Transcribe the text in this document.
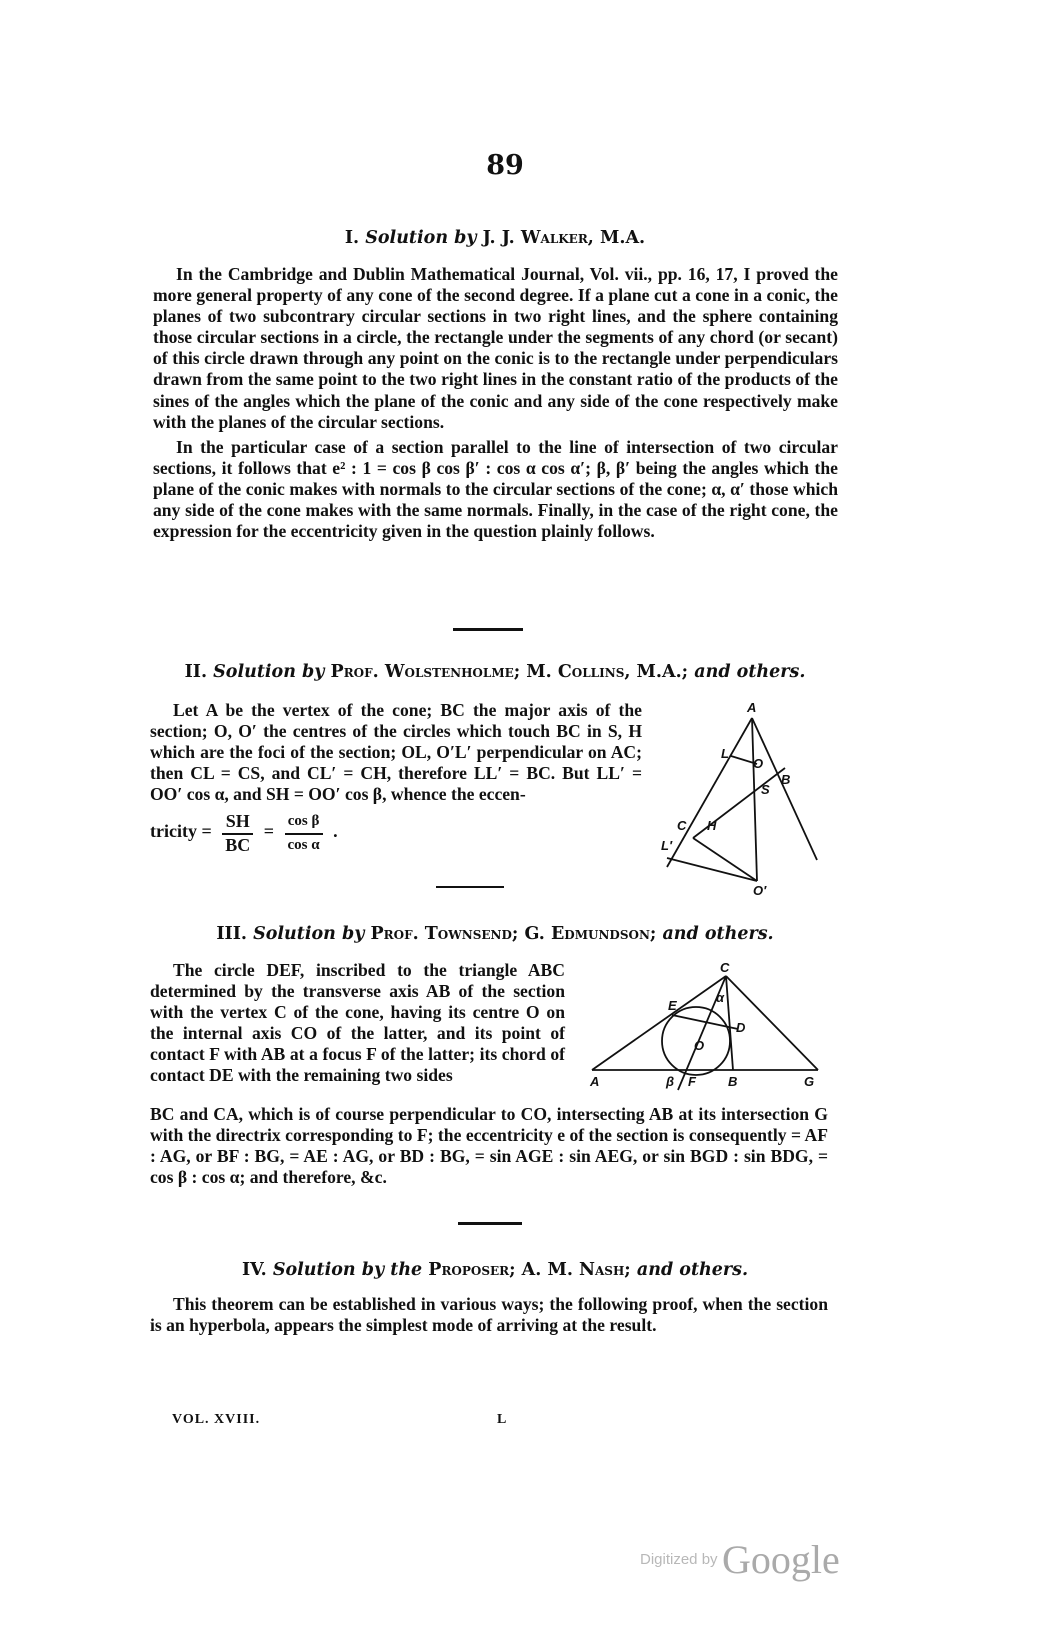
89
I. Solution by J. J. Walker, M.A.

In the Cambridge and Dublin Mathematical Journal, Vol. vii., pp. 16, 17, I proved the more general property of any cone of the second degree. If a plane cut a cone in a conic, the planes of two subcontrary circular sections in two right lines, and the sphere containing those circular sections in a circle, the rectangle under the segments of any chord (or secant) of this circle drawn through any point on the conic is to the rectangle under perpendiculars drawn from the same point to the two right lines in the constant ratio of the products of the sines of the angles which the plane of the conic and any side of the cone respectively make with the planes of the circular sections.

In the particular case of a section parallel to the line of intersection of two circular sections, it follows that e² : 1 = cos β cos β′ : cos α cos α′; β, β′ being the angles which the plane of the conic makes with normals to the circular sections of the cone; α, α′ those which any side of the cone makes with the same normals. Finally, in the case of the right cone, the expression for the eccentricity given in the question plainly follows.

II. Solution by Prof. Wolstenholme; M. Collins, M.A.; and others.

Let A be the vertex of the cone; BC the major axis of the section; O, O′ the centres of the circles which touch BC in S, H which are the foci of the section; OL, O′L′ perpendicular on AC; then CL = CS, and CL′ = CH, therefore LL′ = BC. But LL′ = OO′ cos α, and SH = OO′ cos β, whence the eccen-

tricity = $\frac{SH}{BC} = \frac{\text{cos β}}{\text{cos α}}$ .
A
L
O
B
S
C H
L′
O′
III. Solution by Prof. Townsend; G. Edmundson; and others.

The circle DEF, inscribed to the triangle ABC determined by the transverse axis AB of the section with the vertex C of the cone, having its centre O on the internal axis CO of the latter, and its point of contact F with AB at a focus F of the latter; its chord of contact DE with the remaining two sides

BC and CA, which is of course perpendicular to CO, intersecting AB at its intersection G with the directrix corresponding to F; the eccentricity e of the section is consequently = AF : AG, or BF : BG, = AE : AG, or BD : BG, = sin AGE : sin AEG, or sin BGD : sin BDG, = cos β : cos α; and therefore, &c.

C
E
α
D
O
A	β F B	G
IV. Solution by the Proposer; A. M. Nash; and others.

This theorem can be established in various ways; the following proof, when the section is an hyperbola, appears the simplest mode of arriving at the result.

VOL. XVIII.	L
Digitized by Google
